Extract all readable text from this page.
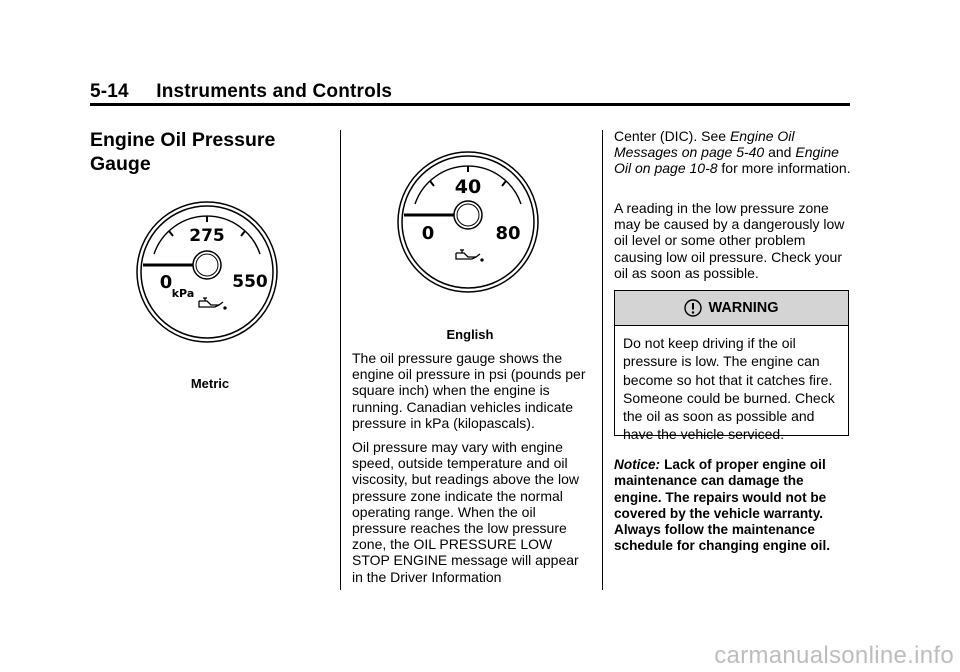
5-14     Instruments and Controls
Engine Oil Pressure
Gauge
275
0	550
kPa
Metric
40
0	80
English

The oil pressure gauge shows the engine oil pressure in psi (pounds per square inch) when the engine is running. Canadian vehicles indicate pressure in kPa (kilopascals).

Oil pressure may vary with engine speed, outside temperature and oil viscosity, but readings above the low pressure zone indicate the normal operating range. When the oil pressure reaches the low pressure zone, the OIL PRESSURE LOW STOP ENGINE message will appear in the Driver Information

Center (DIC). See Engine Oil Messages on page 5-40 and Engine Oil on page 10-8 for more information.

A reading in the low pressure zone may be caused by a dangerously low oil level or some other problem causing low oil pressure. Check your oil as soon as possible.

WARNING
Do not keep driving if the oil pressure is low. The engine can become so hot that it catches fire. Someone could be burned. Check the oil as soon as possible and have the vehicle serviced.
Notice: Lack of proper engine oil maintenance can damage the engine. The repairs would not be covered by the vehicle warranty. Always follow the maintenance schedule for changing engine oil.
carmanualsonline.info
